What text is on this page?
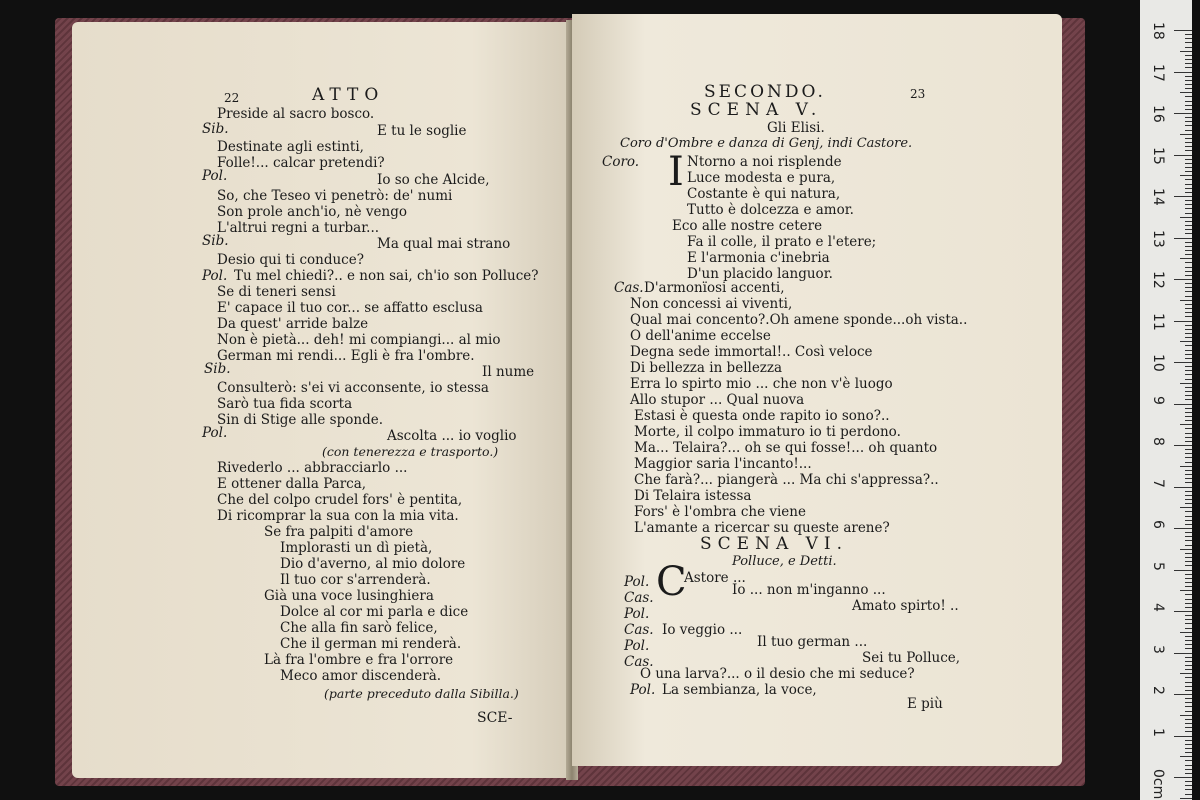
22	ATTO
Preside al sacro bosco.
Sib.	E tu le soglie
Destinate agli estinti,
Folle!... calcar pretendi?
Pol.	Io so che Alcide,
So, che Teseo vi penetrò: de' numi
Son prole anch'io, nè vengo
L'altrui regni a turbar...
Sib.	Ma qual mai strano
Desio qui ti conduce?
Pol. Tu mel chiedi?.. e non sai, ch'io son Polluce?
Se di teneri sensi
E' capace il tuo cor... se affatto esclusa
Da quest' arride balze
Non è pietà... deh! mi compiangi... al mio
German mi rendi... Egli è fra l'ombre.
Sib.	Il nume
Consulterò: s'ei vi acconsente, io stessa
Sarò tua fida scorta
Sin di Stige alle sponde.
Pol.	Ascolta ... io voglio
(con tenerezza e trasporto.)
Rivederlo ... abbracciarlo ...
E ottener dalla Parca,
Che del colpo crudel fors' è pentita,
Di ricomprar la sua con la mia vita.
Se fra palpiti d'amore
Implorasti un dì pietà,
Dio d'averno, al mio dolore
Il tuo cor s'arrenderà.
Già una voce lusinghiera
Dolce al cor mi parla e dice
Che alla fin sarò felice,
Che il german mi renderà.
Là fra l'ombre e fra l'orrore
Meco amor discenderà.
(parte preceduto dalla Sibilla.)
SCE-
SECONDO.	23
SCENA V.
Gli Elisi.
Coro d'Ombre e danza di Genj, indi Castore.
Coro. I Ntorno a noi risplende
Luce modesta e pura,
Costante è qui natura,
Tutto è dolcezza e amor.
Eco alle nostre cetere
Fa il colle, il prato e l'etere;
E l'armonia c'inebria
D'un placido languor.
Cas. D'armonïosi accenti,
Non concessi ai viventi,
Qual mai concento?.Oh amene sponde...oh vista..
O dell'anime eccelse
Degna sede immortal!.. Così veloce
Di bellezza in bellezza
Erra lo spirto mio ... che non v'è luogo
Allo stupor ... Qual nuova
Estasi è questa onde rapito io sono?..
Morte, il colpo immaturo io ti perdono.
Ma... Telaira?... oh se qui fosse!... oh quanto
Maggior saria l'incanto!...
Che farà?... piangerà ... Ma chi s'appressa?..
Di Telaira istessa
Fors' è l'ombra che viene
L'amante a ricercar su queste arene?
SCENA VI.
Polluce, e Detti.
Pol. C
Astore ...
Cas.	Io ... non m'inganno ...
Pol.	Amato spirto! ..
Cas. Io veggio ...
Pol.	Il tuo german ...
Cas.	Sei tu Polluce,
O una larva?... o il desio che mi seduce?
Pol. La sembianza, la voce,
E più
18
17
16
15
14
13
12
11
10
9
8
7
6
5
4
3
2
1
0cm
